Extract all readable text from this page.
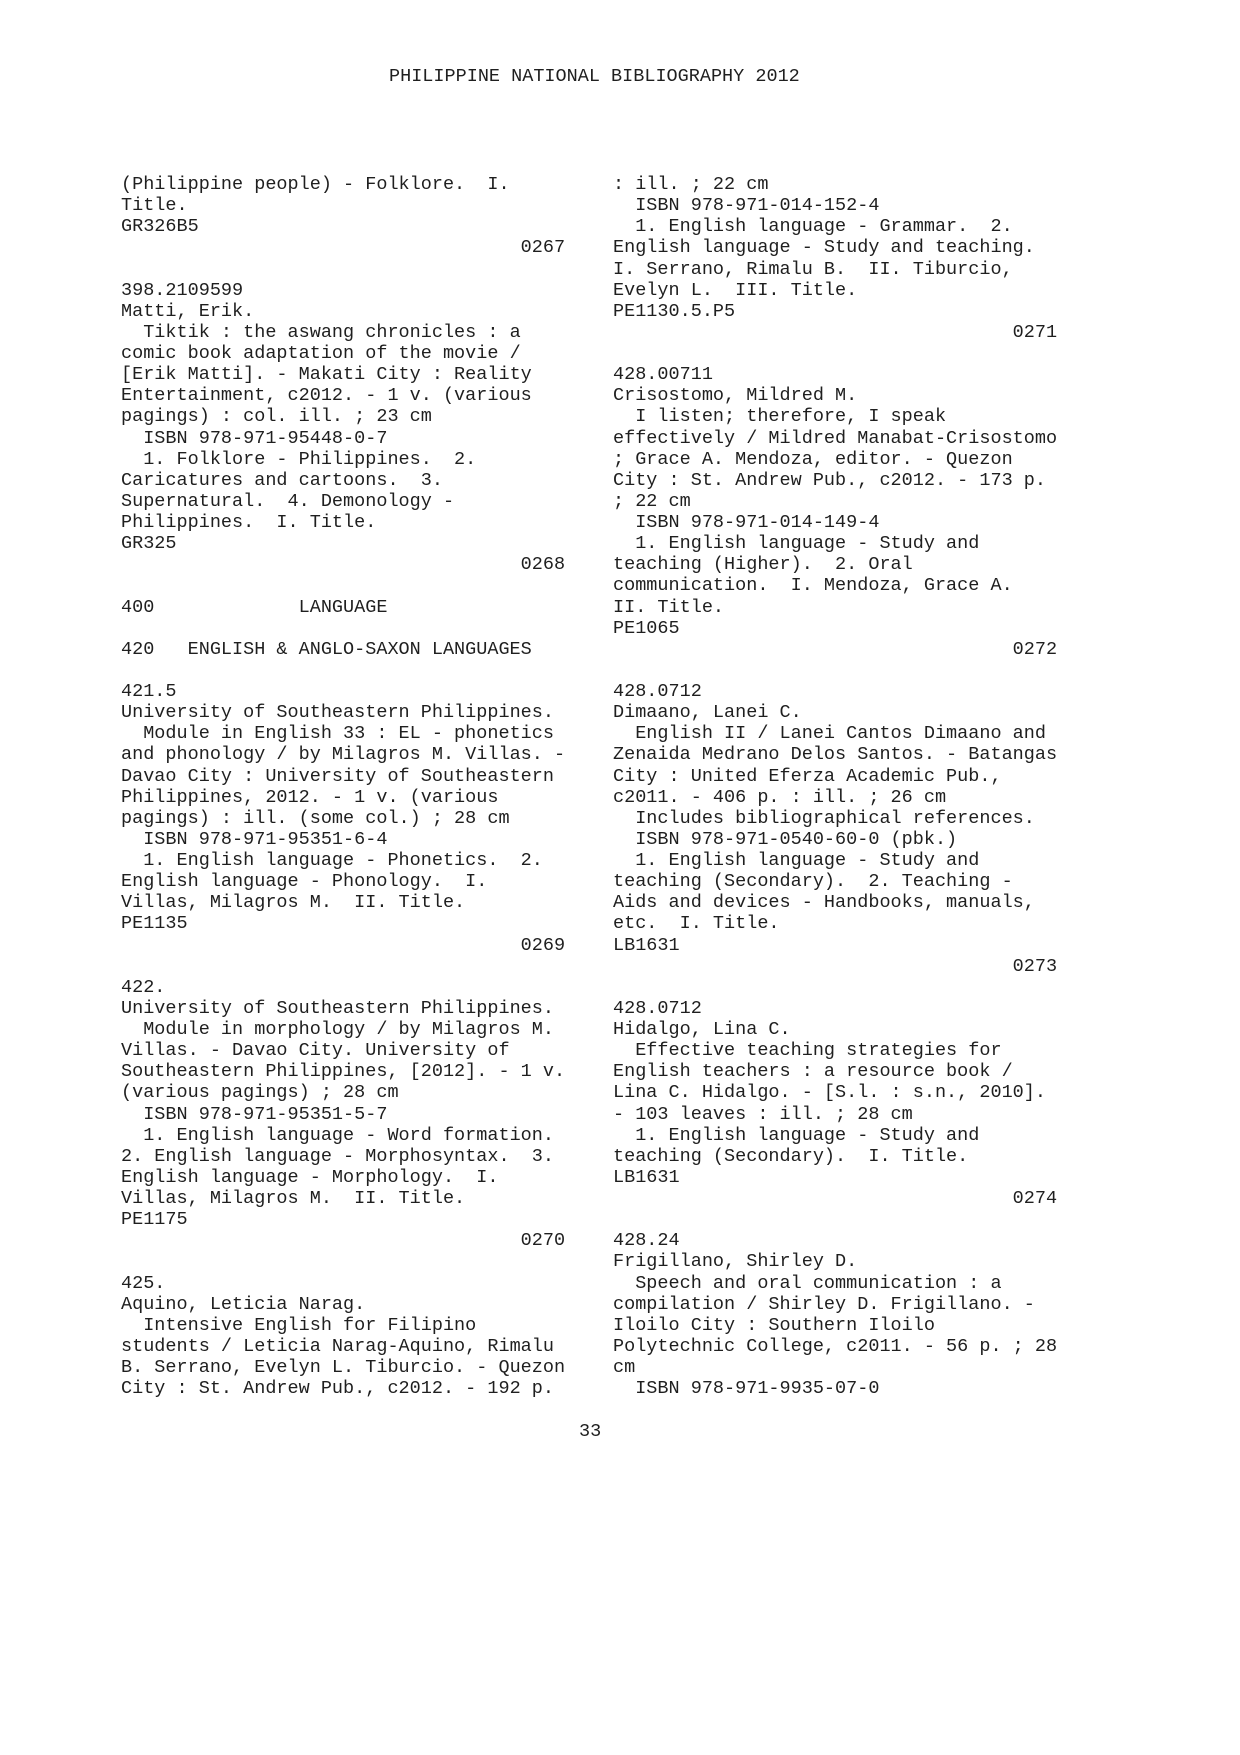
PHILIPPINE NATIONAL BIBLIOGRAPHY 2012
(Philippine people) - Folklore.  I.
Title.
GR326B5
0267
398.2109599
Matti, Erik.
Tiktik : the aswang chronicles : a
comic book adaptation of the movie /
[Erik Matti]. - Makati City : Reality
Entertainment, c2012. - 1 v. (various
pagings) : col. ill. ; 23 cm
ISBN 978-971-95448-0-7
1. Folklore - Philippines.  2.
Caricatures and cartoons.  3.
Supernatural.  4. Demonology -
Philippines.  I. Title.
GR325
0268
400	LANGUAGE
420 ENGLISH & ANGLO-SAXON LANGUAGES
421.5
University of Southeastern Philippines.
Module in English 33 : EL - phonetics
and phonology / by Milagros M. Villas. -
Davao City : University of Southeastern
Philippines, 2012. - 1 v. (various
pagings) : ill. (some col.) ; 28 cm
ISBN 978-971-95351-6-4
1. English language - Phonetics.  2.
English language - Phonology.  I.
Villas, Milagros M.  II. Title.
PE1135
0269
422.
University of Southeastern Philippines.
Module in morphology / by Milagros M.
Villas. - Davao City. University of
Southeastern Philippines, [2012]. - 1 v.
(various pagings) ; 28 cm
ISBN 978-971-95351-5-7
1. English language - Word formation.
2. English language - Morphosyntax.  3.
English language - Morphology.  I.
Villas, Milagros M.  II. Title.
PE1175
0270
425.
Aquino, Leticia Narag.
Intensive English for Filipino
students / Leticia Narag-Aquino, Rimalu
B. Serrano, Evelyn L. Tiburcio. - Quezon
City : St. Andrew Pub., c2012. - 192 p.
: ill. ; 22 cm
ISBN 978-971-014-152-4
1. English language - Grammar.  2.
English language - Study and teaching.
I. Serrano, Rimalu B.  II. Tiburcio,
Evelyn L.  III. Title.
PE1130.5.P5
0271
428.00711
Crisostomo, Mildred M.
I listen; therefore, I speak
effectively / Mildred Manabat-Crisostomo
; Grace A. Mendoza, editor. - Quezon
City : St. Andrew Pub., c2012. - 173 p.
; 22 cm
ISBN 978-971-014-149-4
1. English language - Study and
teaching (Higher).  2. Oral
communication.  I. Mendoza, Grace A.
II. Title.
PE1065
0272
428.0712
Dimaano, Lanei C.
English II / Lanei Cantos Dimaano and
Zenaida Medrano Delos Santos. - Batangas
City : United Eferza Academic Pub.,
c2011. - 406 p. : ill. ; 26 cm
Includes bibliographical references.
ISBN 978-971-0540-60-0 (pbk.)
1. English language - Study and
teaching (Secondary).  2. Teaching -
Aids and devices - Handbooks, manuals,
etc.  I. Title.
LB1631
0273
428.0712
Hidalgo, Lina C.
Effective teaching strategies for
English teachers : a resource book /
Lina C. Hidalgo. - [S.l. : s.n., 2010].
- 103 leaves : ill. ; 28 cm
1. English language - Study and
teaching (Secondary).  I. Title.
LB1631
0274
428.24
Frigillano, Shirley D.
Speech and oral communication : a
compilation / Shirley D. Frigillano. -
Iloilo City : Southern Iloilo
Polytechnic College, c2011. - 56 p. ; 28
cm
ISBN 978-971-9935-07-0
33
